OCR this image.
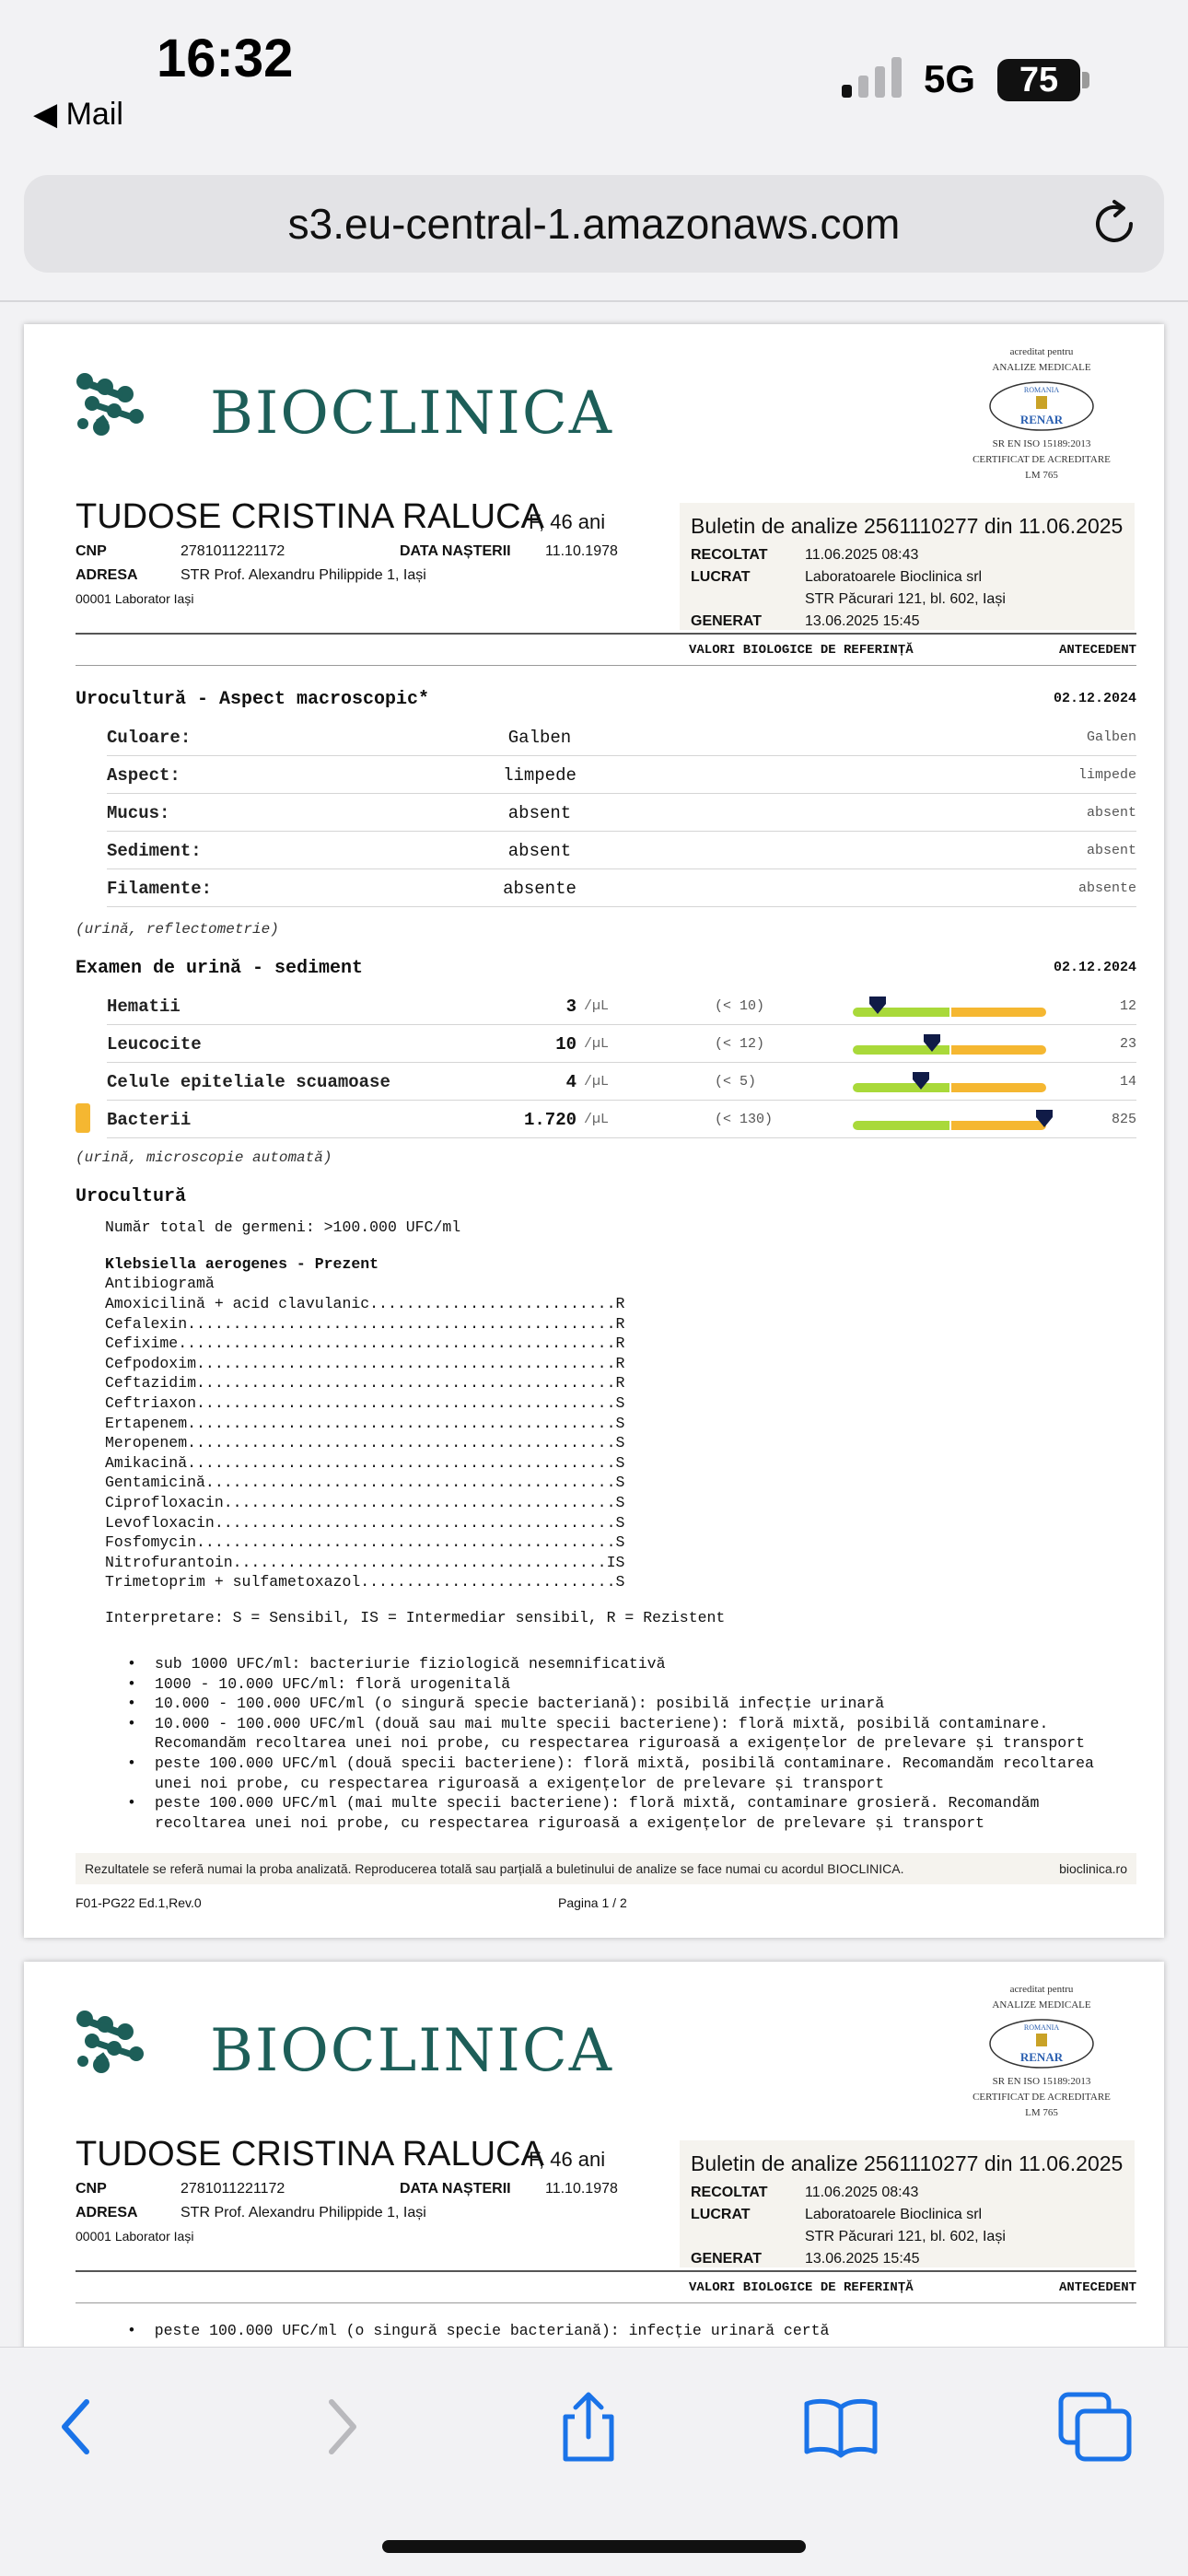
16:32
◀ Mail
5G	75
s3.eu-central-1.amazonaws.com
BIOCLINICA
acreditat pentru
ANALIZE MEDICALE
ROMANIA
RENAR
SR EN ISO 15189:2013
CERTIFICAT DE ACREDITARE
LM 765
TUDOSE CRISTINA RALUCA
F, 46 ani
CNP	2781011221172	DATA NAȘTERII 11.10.1978
ADRESA	STR Prof. Alexandru Philippide 1, Iași
00001 Laborator Iași
Buletin de analize 2561110277 din 11.06.2025
RECOLTAT	11.06.2025 08:43
LUCRAT	Laboratoarele Bioclinica srl
STR Păcurari 121, bl. 602, Iași
GENERAT	13.06.2025 15:45
VALORI BIOLOGICE DE REFERINȚĂ	ANTECEDENT
Urocultură - Aspect macroscopic*	02.12.2024
Culoare:	Galben	Galben
Aspect:	limpede	limpede
Mucus:	absent	absent
Sediment:	absent	absent
Filamente:	absente	absente
(urină, reflectometrie)
Examen de urină - sediment	02.12.2024
Hematii	3 /µL	(< 10)	12
Leucocite	10 /µL	(< 12)	23
Celule epiteliale scuamoase	4 /µL	(< 5)	14
Bacterii	1.720 /µL	(< 130)	825
(urină, microscopie automată)
Urocultură
Număr total de germeni: >100.000 UFC/ml
Klebsiella aerogenes - Prezent
Antibiogramă
Amoxicilină + acid clavulanic...........................R
Cefalexin...............................................R
Cefixime................................................R
Cefpodoxim..............................................R
Ceftazidim..............................................R
Ceftriaxon..............................................S
Ertapenem...............................................S
Meropenem...............................................S
Amikacină...............................................S
Gentamicină.............................................S
Ciprofloxacin...........................................S
Levofloxacin............................................S
Fosfomycin..............................................S
Nitrofurantoin.........................................IS
Trimetoprim + sulfametoxazol............................S
Interpretare: S = Sensibil, IS = Intermediar sensibil, R = Rezistent
• sub 1000 UFC/ml: bacteriurie fiziologică nesemnificativă
• 1000 - 10.000 UFC/ml: floră urogenitală
• 10.000 - 100.000 UFC/ml (o singură specie bacteriană): posibilă infecție urinară
• 10.000 - 100.000 UFC/ml (două sau mai multe specii bacteriene): floră mixtă, posibilă contaminare.
Recomandăm recoltarea unei noi probe, cu respectarea riguroasă a exigențelor de prelevare și transport
• peste 100.000 UFC/ml (două specii bacteriene): floră mixtă, posibilă contaminare. Recomandăm recoltarea
unei noi probe, cu respectarea riguroasă a exigențelor de prelevare și transport
• peste 100.000 UFC/ml (mai multe specii bacteriene): floră mixtă, contaminare grosieră. Recomandăm
recoltarea unei noi probe, cu respectarea riguroasă a exigențelor de prelevare și transport
Rezultatele se referă numai la proba analizată. Reproducerea totală sau parțială a buletinului de analize se face numai cu acordul BIOCLINICA.	bioclinica.ro
F01-PG22 Ed.1,Rev.0	Pagina 1 / 2
BIOCLINICA
acreditat pentru
ANALIZE MEDICALE
ROMANIA
RENAR
SR EN ISO 15189:2013
CERTIFICAT DE ACREDITARE
LM 765
TUDOSE CRISTINA RALUCA
F, 46 ani
CNP	2781011221172	DATA NAȘTERII 11.10.1978
ADRESA	STR Prof. Alexandru Philippide 1, Iași
00001 Laborator Iași
Buletin de analize 2561110277 din 11.06.2025
RECOLTAT	11.06.2025 08:43
LUCRAT	Laboratoarele Bioclinica srl
STR Păcurari 121, bl. 602, Iași
GENERAT	13.06.2025 15:45
VALORI BIOLOGICE DE REFERINȚĂ	ANTECEDENT
•  peste 100.000 UFC/ml (o singură specie bacteriană): infecție urinară certă
